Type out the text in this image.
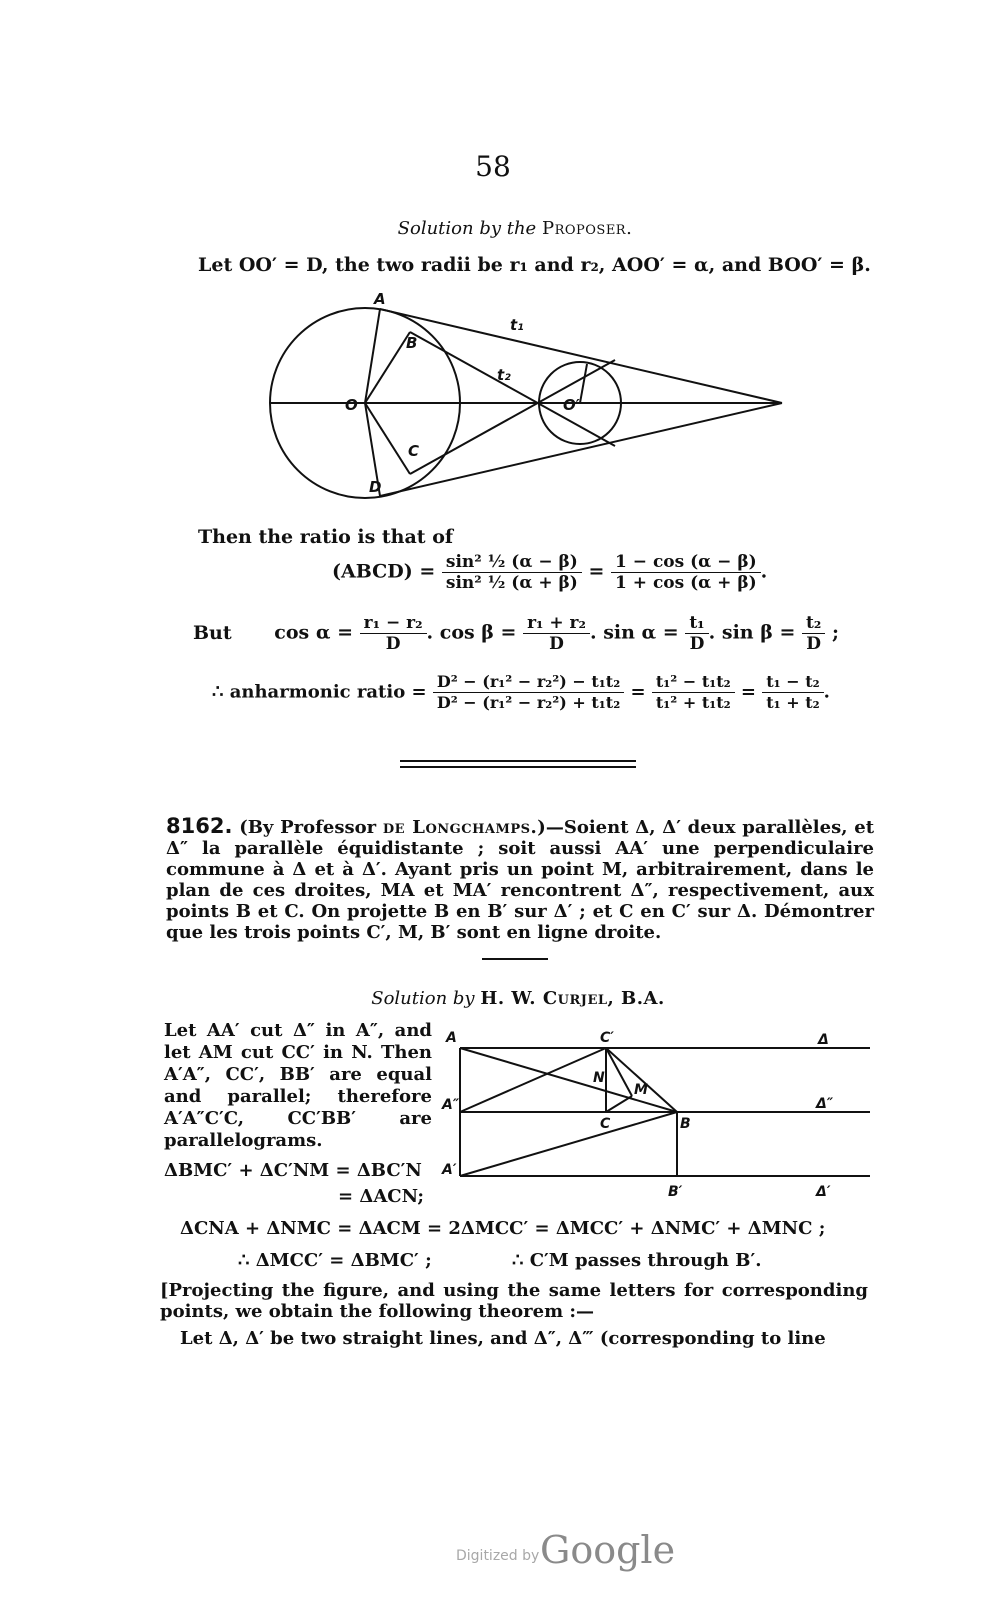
58
Solution by the Proposer.
Let OO′ = D, the two radii be r₁ and r₂, AOO′ = α, and BOO′ = β.
A
B
C
D
O	O′
t₁
t₂
Then the ratio is that of
(ABCD) = $\frac{\text{sin² ½ (α − β)}}{\text{sin² ½ (α + β)}} = \frac{1 - \cos (\alpha - \beta)}{1 + \cos (\alpha + \beta)}$ .
But $\cos \alpha = \frac{\text{r₁ − r₂}}{D}$ . $\cos \beta = \frac{\text{r₁ + r₂}}{D}$ . $\sin \alpha = \frac{\text{t₁}}{D}$ . $\sin \beta = \frac{\text{t₂}}{D}$ ;
∴ anharmonic ratio = $\frac{\text{D² − (r₁² − r₂²) − t₁t₂}}{\text{D² − (r₁² − r₂²) + t₁t₂}} = \frac{\text{t₁² − t₁t₂}}{\text{t₁² + t₁t₂}} = \frac{\text{t₁ − t₂}}{\text{t₁ + t₂}}$ .
8162. (By Professor de Longchamps.)—Soient Δ, Δ′ deux parallèles, et Δ″ la parallèle équidistante ; soit aussi AA′ une perpendiculaire commune à Δ et à Δ′. Ayant pris un point M, arbitrairement, dans le plan de ces droites, MA et MA′ rencontrent Δ″, respectivement, aux points B et C. On projette B en B′ sur Δ′ ; et C en C′ sur Δ. Démontrer que les trois points C′, M, B′ sont en ligne droite.
Solution by H. W. Curjel, B.A.
Let AA′ cut Δ″ in A″, and let AM cut CC′ in N. Then A′A″, CC′, BB′ are equal and parallel; therefore A′A″C′C, CC′BB′ are parallelograms.
ΔBMC′ + ΔC′NM = ΔBC′N
= ΔACN;
A	C′	Δ
N
M
A″	Δ″
C	B
A′
B′	Δ′
ΔCNA + ΔNMC = ΔACM = 2ΔMCC′ = ΔMCC′ + ΔNMC′ + ΔMNC ;
∴ ΔMCC′ = ΔBMC′ ;	∴ C′M passes through B′.
[Projecting the figure, and using the same letters for corresponding points, we obtain the following theorem :—
Let Δ, Δ′ be two straight lines, and Δ″, Δ‴ (corresponding to line
Digitized by Google
